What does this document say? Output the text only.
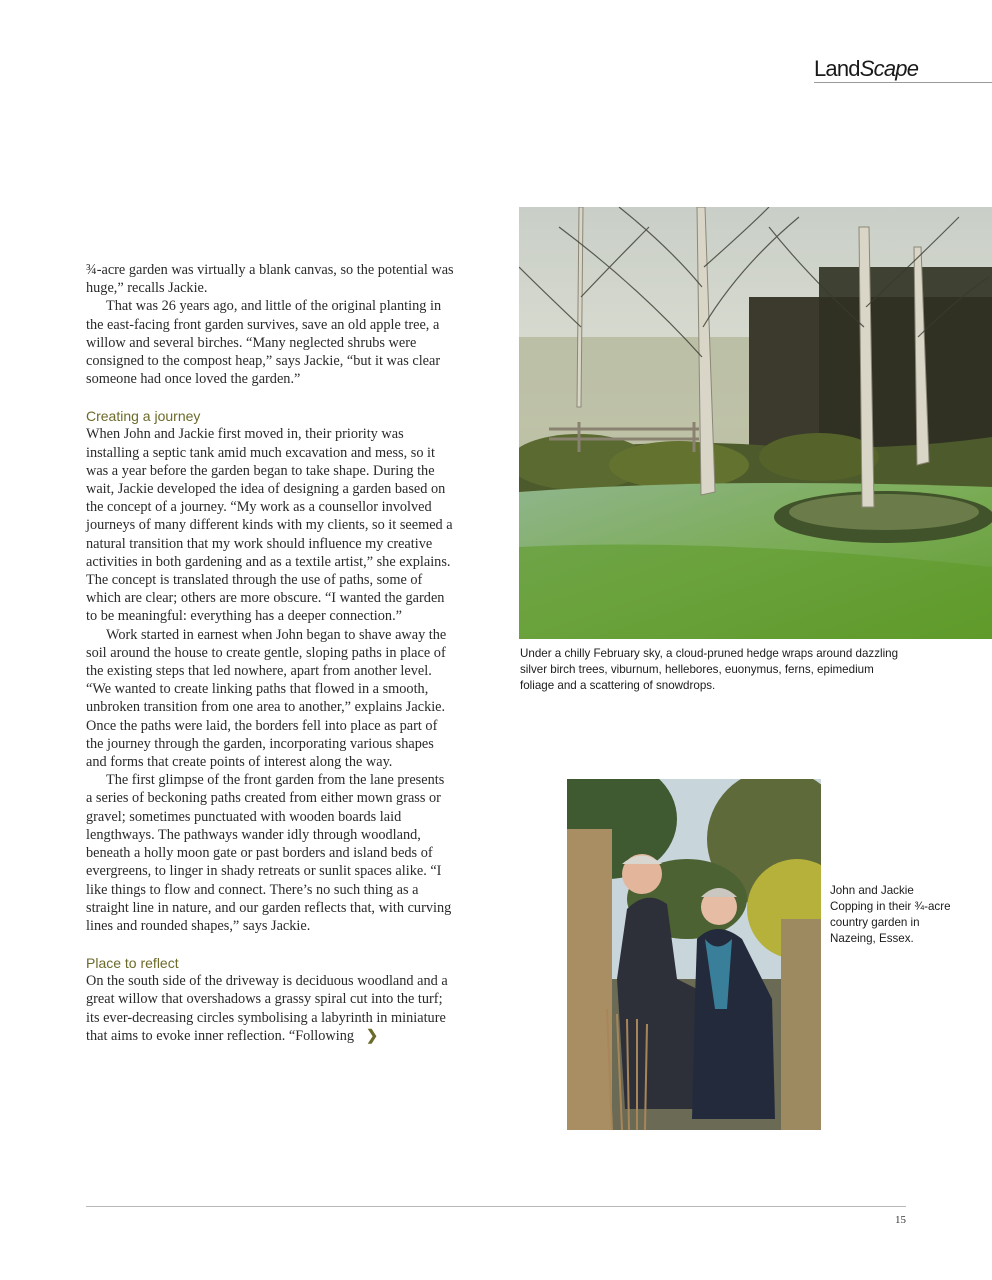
LandScape

¾-acre garden was virtually a blank canvas, so the potential was huge,” recalls Jackie.

That was 26 years ago, and little of the original planting in the east-facing front garden survives, save an old apple tree, a willow and several birches. “Many neglected shrubs were consigned to the compost heap,” says Jackie, “but it was clear someone had once loved the garden.”

Creating a journey

When John and Jackie first moved in, their priority was installing a septic tank amid much excavation and mess, so it was a year before the garden began to take shape. During the wait, Jackie developed the idea of designing a garden based on the concept of a journey. “My work as a counsellor involved journeys of many different kinds with my clients, so it seemed a natural transition that my work should influence my creative activities in both gardening and as a textile artist,” she explains. The concept is translated through the use of paths, some of which are clear; others are more obscure. “I wanted the garden to be meaningful: everything has a deeper connection.”

Work started in earnest when John began to shave away the soil around the house to create gentle, sloping paths in place of the existing steps that led nowhere, apart from another level. “We wanted to create linking paths that flowed in a smooth, unbroken transition from one area to another,” explains Jackie. Once the paths were laid, the borders fell into place as part of the journey through the garden, incorporating various shapes and forms that create points of interest along the way.

The first glimpse of the front garden from the lane presents a series of beckoning paths created from either mown grass or gravel; sometimes punctuated with wooden boards laid lengthways. The pathways wander idly through woodland, beneath a holly moon gate or past borders and island beds of evergreens, to linger in shady retreats or sunlit spaces alike. “I like things to flow and connect. There’s no such thing as a straight line in nature, and our garden reflects that, with curving lines and rounded shapes,” says Jackie.

Place to reflect

On the south side of the driveway is deciduous woodland and a great willow that overshadows a grassy spiral cut into the turf; its ever-decreasing circles symbolising a labyrinth in miniature that aims to evoke inner reflection. “Following ❯

Under a chilly February sky, a cloud-pruned hedge wraps around dazzling silver birch trees, viburnum, hellebores, euonymus, ferns, epimedium foliage and a scattering of snowdrops.
John and Jackie Copping in their ¾-acre country garden in Nazeing, Essex.
15
